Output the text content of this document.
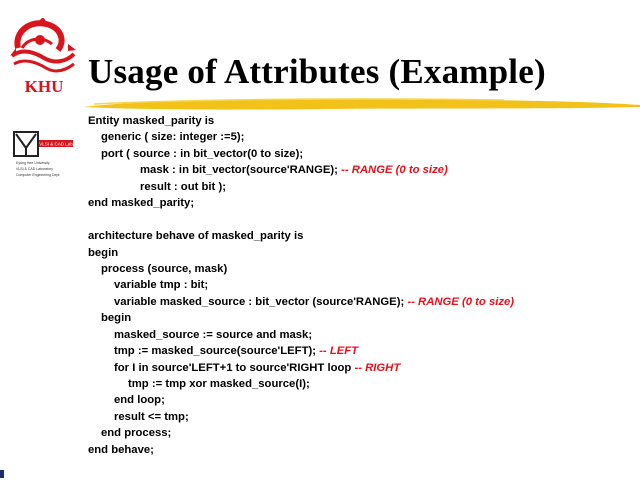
KHU Usage of Attributes (Example)
VLSI & CAD Lab
Kyung Hee University
VLSI & CAD Laboratory
Computer Engineering Dept.
Entity masked_parity is
generic ( size: integer :=5);
port ( source : in bit_vector(0 to size);
mask : in bit_vector(source'RANGE); -- RANGE (0 to size)
result : out bit );
end masked_parity;
architecture behave of masked_parity is
begin
process (source, mask)
variable tmp : bit;
variable masked_source : bit_vector (source'RANGE); -- RANGE (0 to size)
begin
masked_source := source and mask;
tmp := masked_source(source'LEFT); -- LEFT
for I in source'LEFT+1 to source'RIGHT loop -- RIGHT
tmp := tmp xor masked_source(I);
end loop;
result <= tmp;
end process;
end behave;
